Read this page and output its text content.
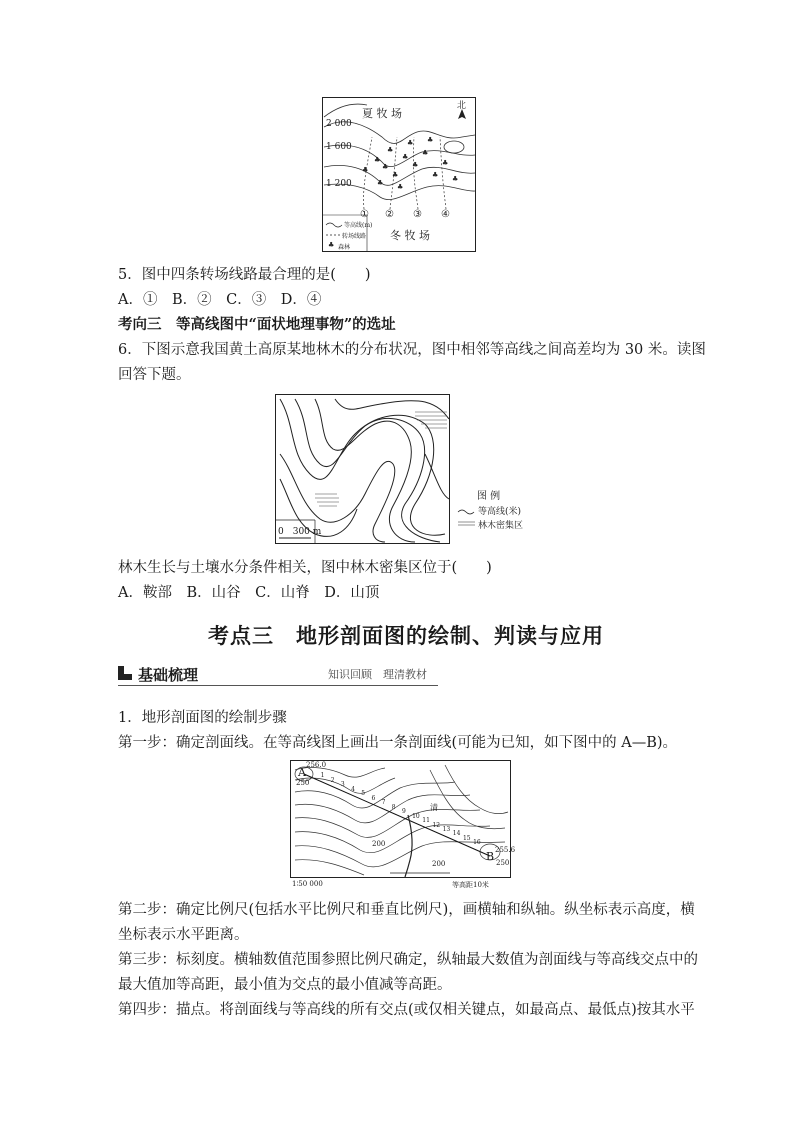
♣
♣
♣
♣
♣
♣
♣ ♣
♣
♣
♣
♣
♣
♣
♣
♣
夏 牧 场
北
2 000
1 600
1 200
① ② ③ ④
冬 牧 场
等高线(m)
转场线路
森林
5．图中四条转场线路最合理的是(　　)
A．①　B．②　C．③　D．④
考向三　等高线图中“面状地理事物”的选址
6．下图示意我国黄土高原某地林木的分布状况，图中相邻等高线之间高差均为 30 米。读图
回答下题。
0　300 m
图 例
等高线(米)
林木密集区
林木生长与土壤水分条件相关，图中林木密集区位于(　　)
A．鞍部　B．山谷　C．山脊　D．山顶
考点三　地形剖面图的绘制、判读与应用
基础梳理	知识回顾　理清教材
1．地形剖面图的绘制步骤
第一步：确定剖面线。在等高线图上画出一条剖面线(可能为已知，如下图中的 A—B)。
A
256.0
250
B 255.6
250
200
200
清
1
2
3
4
5
6
7
8
9
10
11
12
13
14
15
16
1∶50 000	等高距10米
第二步：确定比例尺(包括水平比例尺和垂直比例尺)，画横轴和纵轴。纵坐标表示高度，横
坐标表示水平距离。
第三步：标刻度。横轴数值范围参照比例尺确定，纵轴最大数值为剖面线与等高线交点中的
最大值加等高距，最小值为交点的最小值减等高距。
第四步：描点。将剖面线与等高线的所有交点(或仅相关键点，如最高点、最低点)按其水平
